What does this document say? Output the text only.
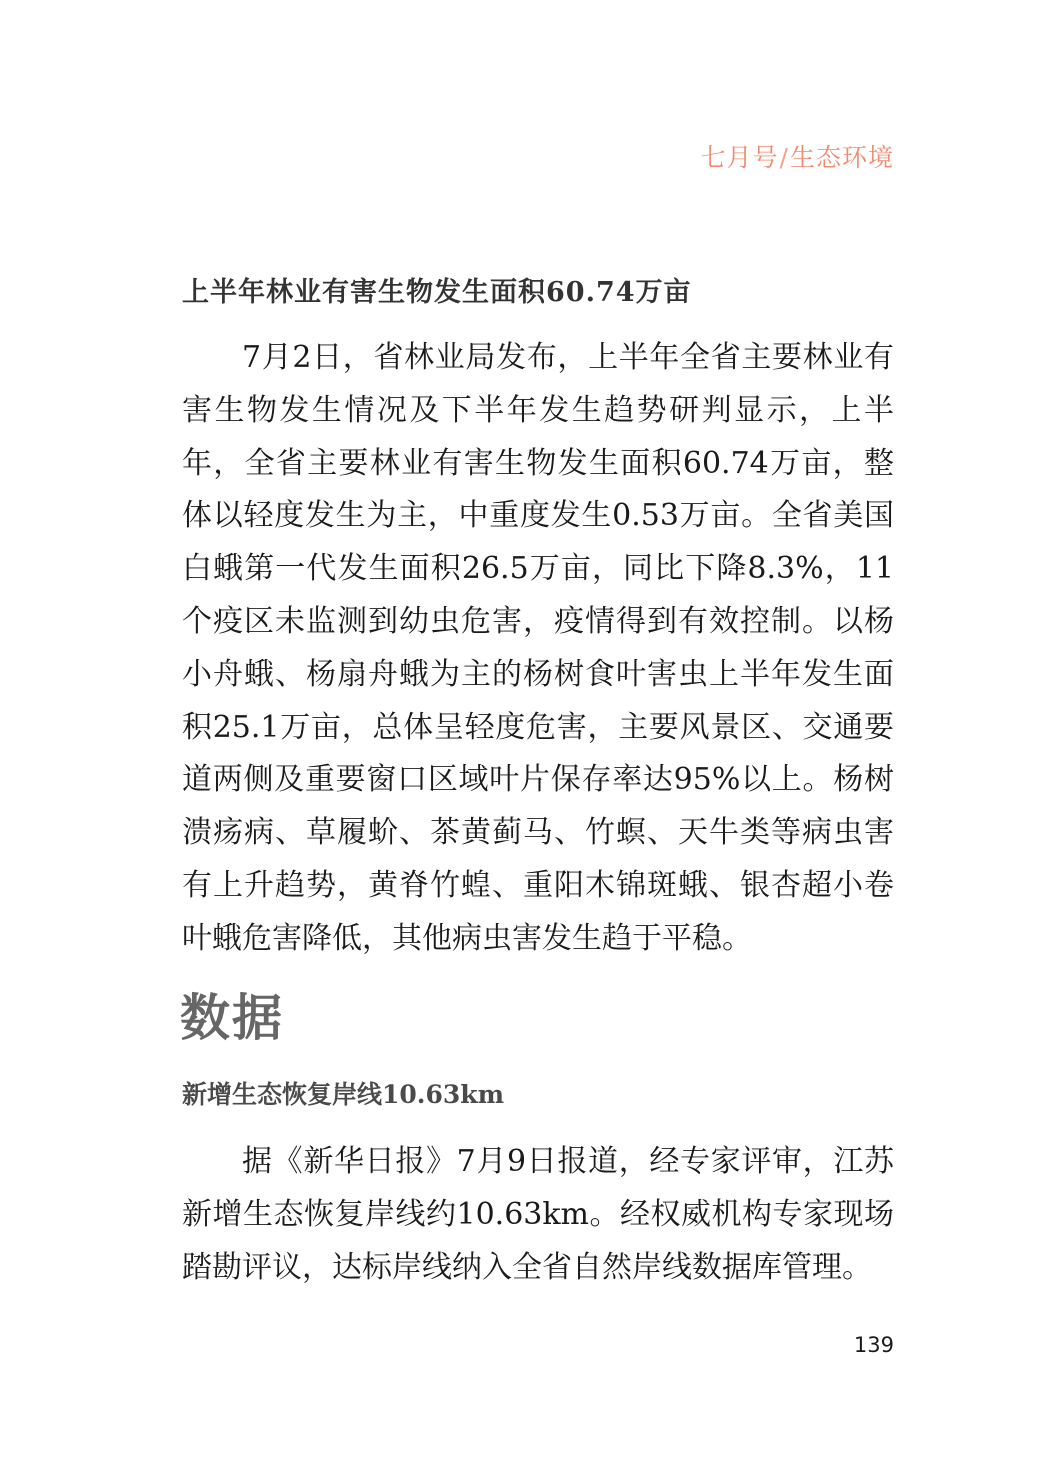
七月号/生态环境
上半年林业有害生物发生面积60.74万亩

7月2日，省林业局发布，上半年全省主要林业有害生物发生情况及下半年发生趋势研判显示，上半年，全省主要林业有害生物发生面积60.74万亩，整体以轻度发生为主，中重度发生0.53万亩。全省美国白蛾第一代发生面积26.5万亩，同比下降8.3%，11个疫区未监测到幼虫危害，疫情得到有效控制。以杨小舟蛾、杨扇舟蛾为主的杨树食叶害虫上半年发生面积25.1万亩，总体呈轻度危害，主要风景区、交通要道两侧及重要窗口区域叶片保存率达95%以上。杨树溃疡病、草履蚧、茶黄蓟马、竹螟、天牛类等病虫害有上升趋势，黄脊竹蝗、重阳木锦斑蛾、银杏超小卷叶蛾危害降低，其他病虫害发生趋于平稳。

数据
新增生态恢复岸线10.63km

据《新华日报》7月9日报道，经专家评审，江苏新增生态恢复岸线约10.63km。经权威机构专家现场踏勘评议，达标岸线纳入全省自然岸线数据库管理。

139
